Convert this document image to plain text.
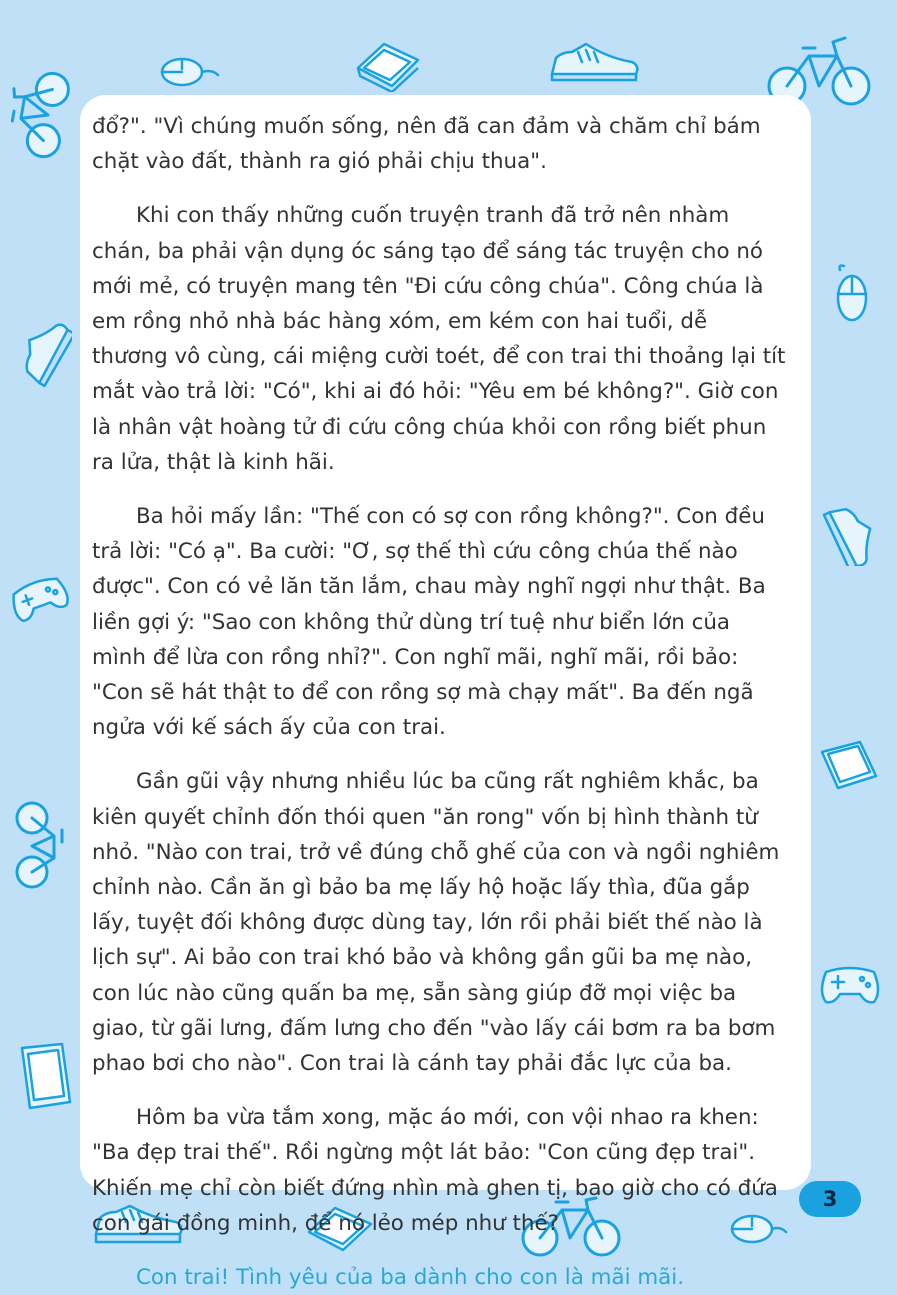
đổ?". "Vì chúng muốn sống, nên đã can đảm và chăm chỉ bám chặt vào đất, thành ra gió phải chịu thua".

Khi con thấy những cuốn truyện tranh đã trở nên nhàm chán, ba phải vận dụng óc sáng tạo để sáng tác truyện cho nó mới mẻ, có truyện mang tên "Đi cứu công chúa". Công chúa là em rồng nhỏ nhà bác hàng xóm, em kém con hai tuổi, dễ thương vô cùng, cái miệng cười toét, để con trai thi thoảng lại tít mắt vào trả lời: "Có", khi ai đó hỏi: "Yêu em bé không?". Giờ con là nhân vật hoàng tử đi cứu công chúa khỏi con rồng biết phun ra lửa, thật là kinh hãi.

Ba hỏi mấy lần: "Thế con có sợ con rồng không?". Con đều trả lời: "Có ạ". Ba cười: "Ơ, sợ thế thì cứu công chúa thế nào được". Con có vẻ lăn tăn lắm, chau mày nghĩ ngợi như thật. Ba liền gợi ý: "Sao con không thử dùng trí tuệ như biển lớn của mình để lừa con rồng nhỉ?". Con nghĩ mãi, nghĩ mãi, rồi bảo: "Con sẽ hát thật to để con rồng sợ mà chạy mất". Ba đến ngã ngửa với kế sách ấy của con trai.

Gần gũi vậy nhưng nhiều lúc ba cũng rất nghiêm khắc, ba kiên quyết chỉnh đốn thói quen "ăn rong" vốn bị hình thành từ nhỏ. "Nào con trai, trở về đúng chỗ ghế của con và ngồi nghiêm chỉnh nào. Cần ăn gì bảo ba mẹ lấy hộ hoặc lấy thìa, đũa gắp lấy, tuyệt đối không được dùng tay, lớn rồi phải biết thế nào là lịch sự". Ai bảo con trai khó bảo và không gần gũi ba mẹ nào, con lúc nào cũng quấn ba mẹ, sẵn sàng giúp đỡ mọi việc ba giao, từ gãi lưng, đấm lưng cho đến "vào lấy cái bơm ra ba bơm phao bơi cho nào". Con trai là cánh tay phải đắc lực của ba.

Hôm ba vừa tắm xong, mặc áo mới, con vội nhao ra khen: "Ba đẹp trai thế". Rồi ngừng một lát bảo: "Con cũng đẹp trai". Khiến mẹ chỉ còn biết đứng nhìn mà ghen tị, bao giờ cho có đứa con gái đồng minh, để nó lẻo mép như thế?

Con trai! Tình yêu của ba dành cho con là mãi mãi.

3
